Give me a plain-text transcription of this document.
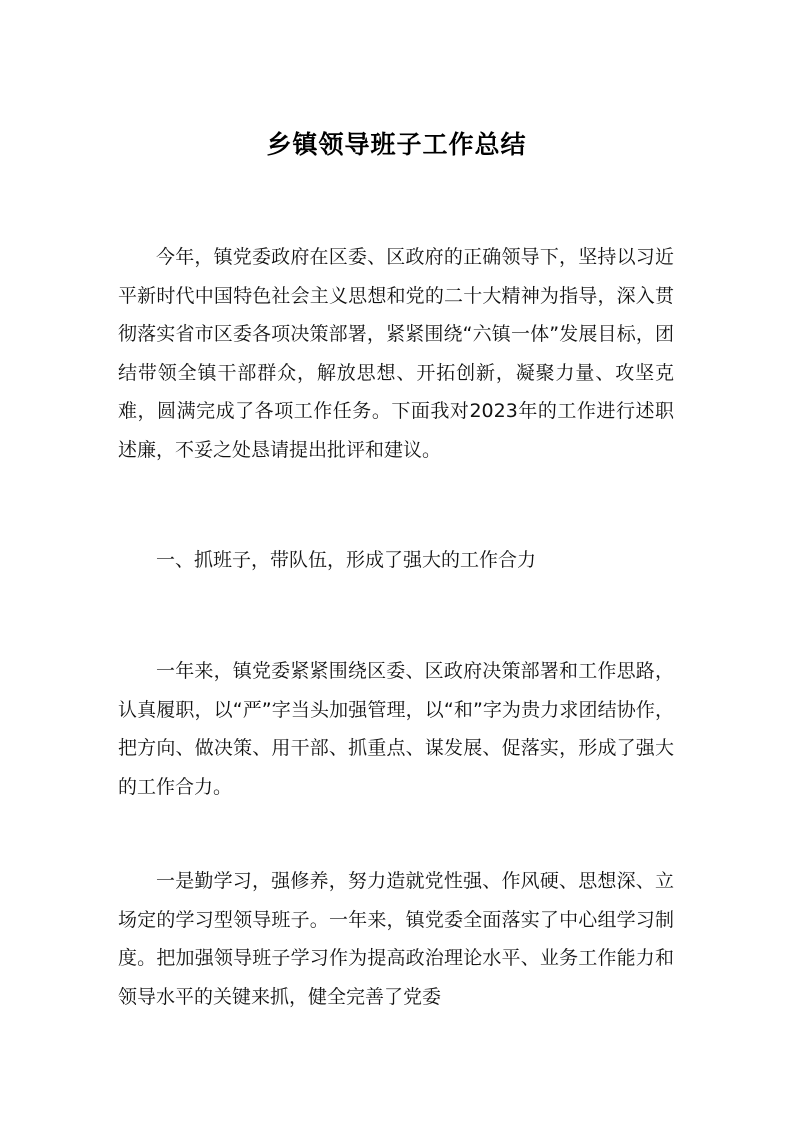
乡镇领导班子工作总结

今年，镇党委政府在区委、区政府的正确领导下，坚持以习近平新时代中国特色社会主义思想和党的二十大精神为指导，深入贯彻落实省市区委各项决策部署，紧紧围绕“六镇一体”发展目标，团结带领全镇干部群众，解放思想、开拓创新，凝聚力量、攻坚克难，圆满完成了各项工作任务。下面我对2023年的工作进行述职述廉，不妥之处恳请提出批评和建议。

一、抓班子，带队伍，形成了强大的工作合力

一年来，镇党委紧紧围绕区委、区政府决策部署和工作思路，认真履职，以“严”字当头加强管理，以“和”字为贵力求团结协作，把方向、做决策、用干部、抓重点、谋发展、促落实，形成了强大的工作合力。

一是勤学习，强修养，努力造就党性强、作风硬、思想深、立场定的学习型领导班子。一年来，镇党委全面落实了中心组学习制度。把加强领导班子学习作为提高政治理论水平、业务工作能力和领导水平的关键来抓，健全完善了党委
